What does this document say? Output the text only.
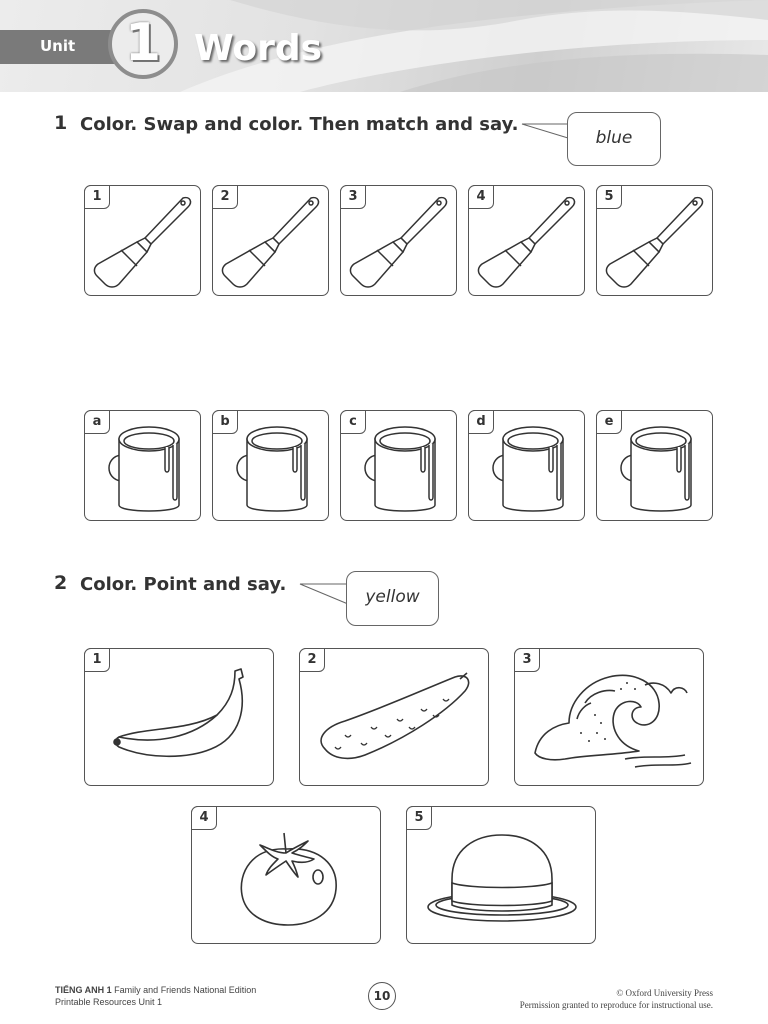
Unit 1 Words
1 Color. Swap and color. Then match and say.
blue
1	2	3	4	5
a	b	c	d	e
2 Color. Point and say.
yellow
1	2	3
4	5
TIẾNG ANH 1 Family and Friends National Edition
Printable Resources Unit 1	10	© Oxford University Press
Permission granted to reproduce for instructional use.
